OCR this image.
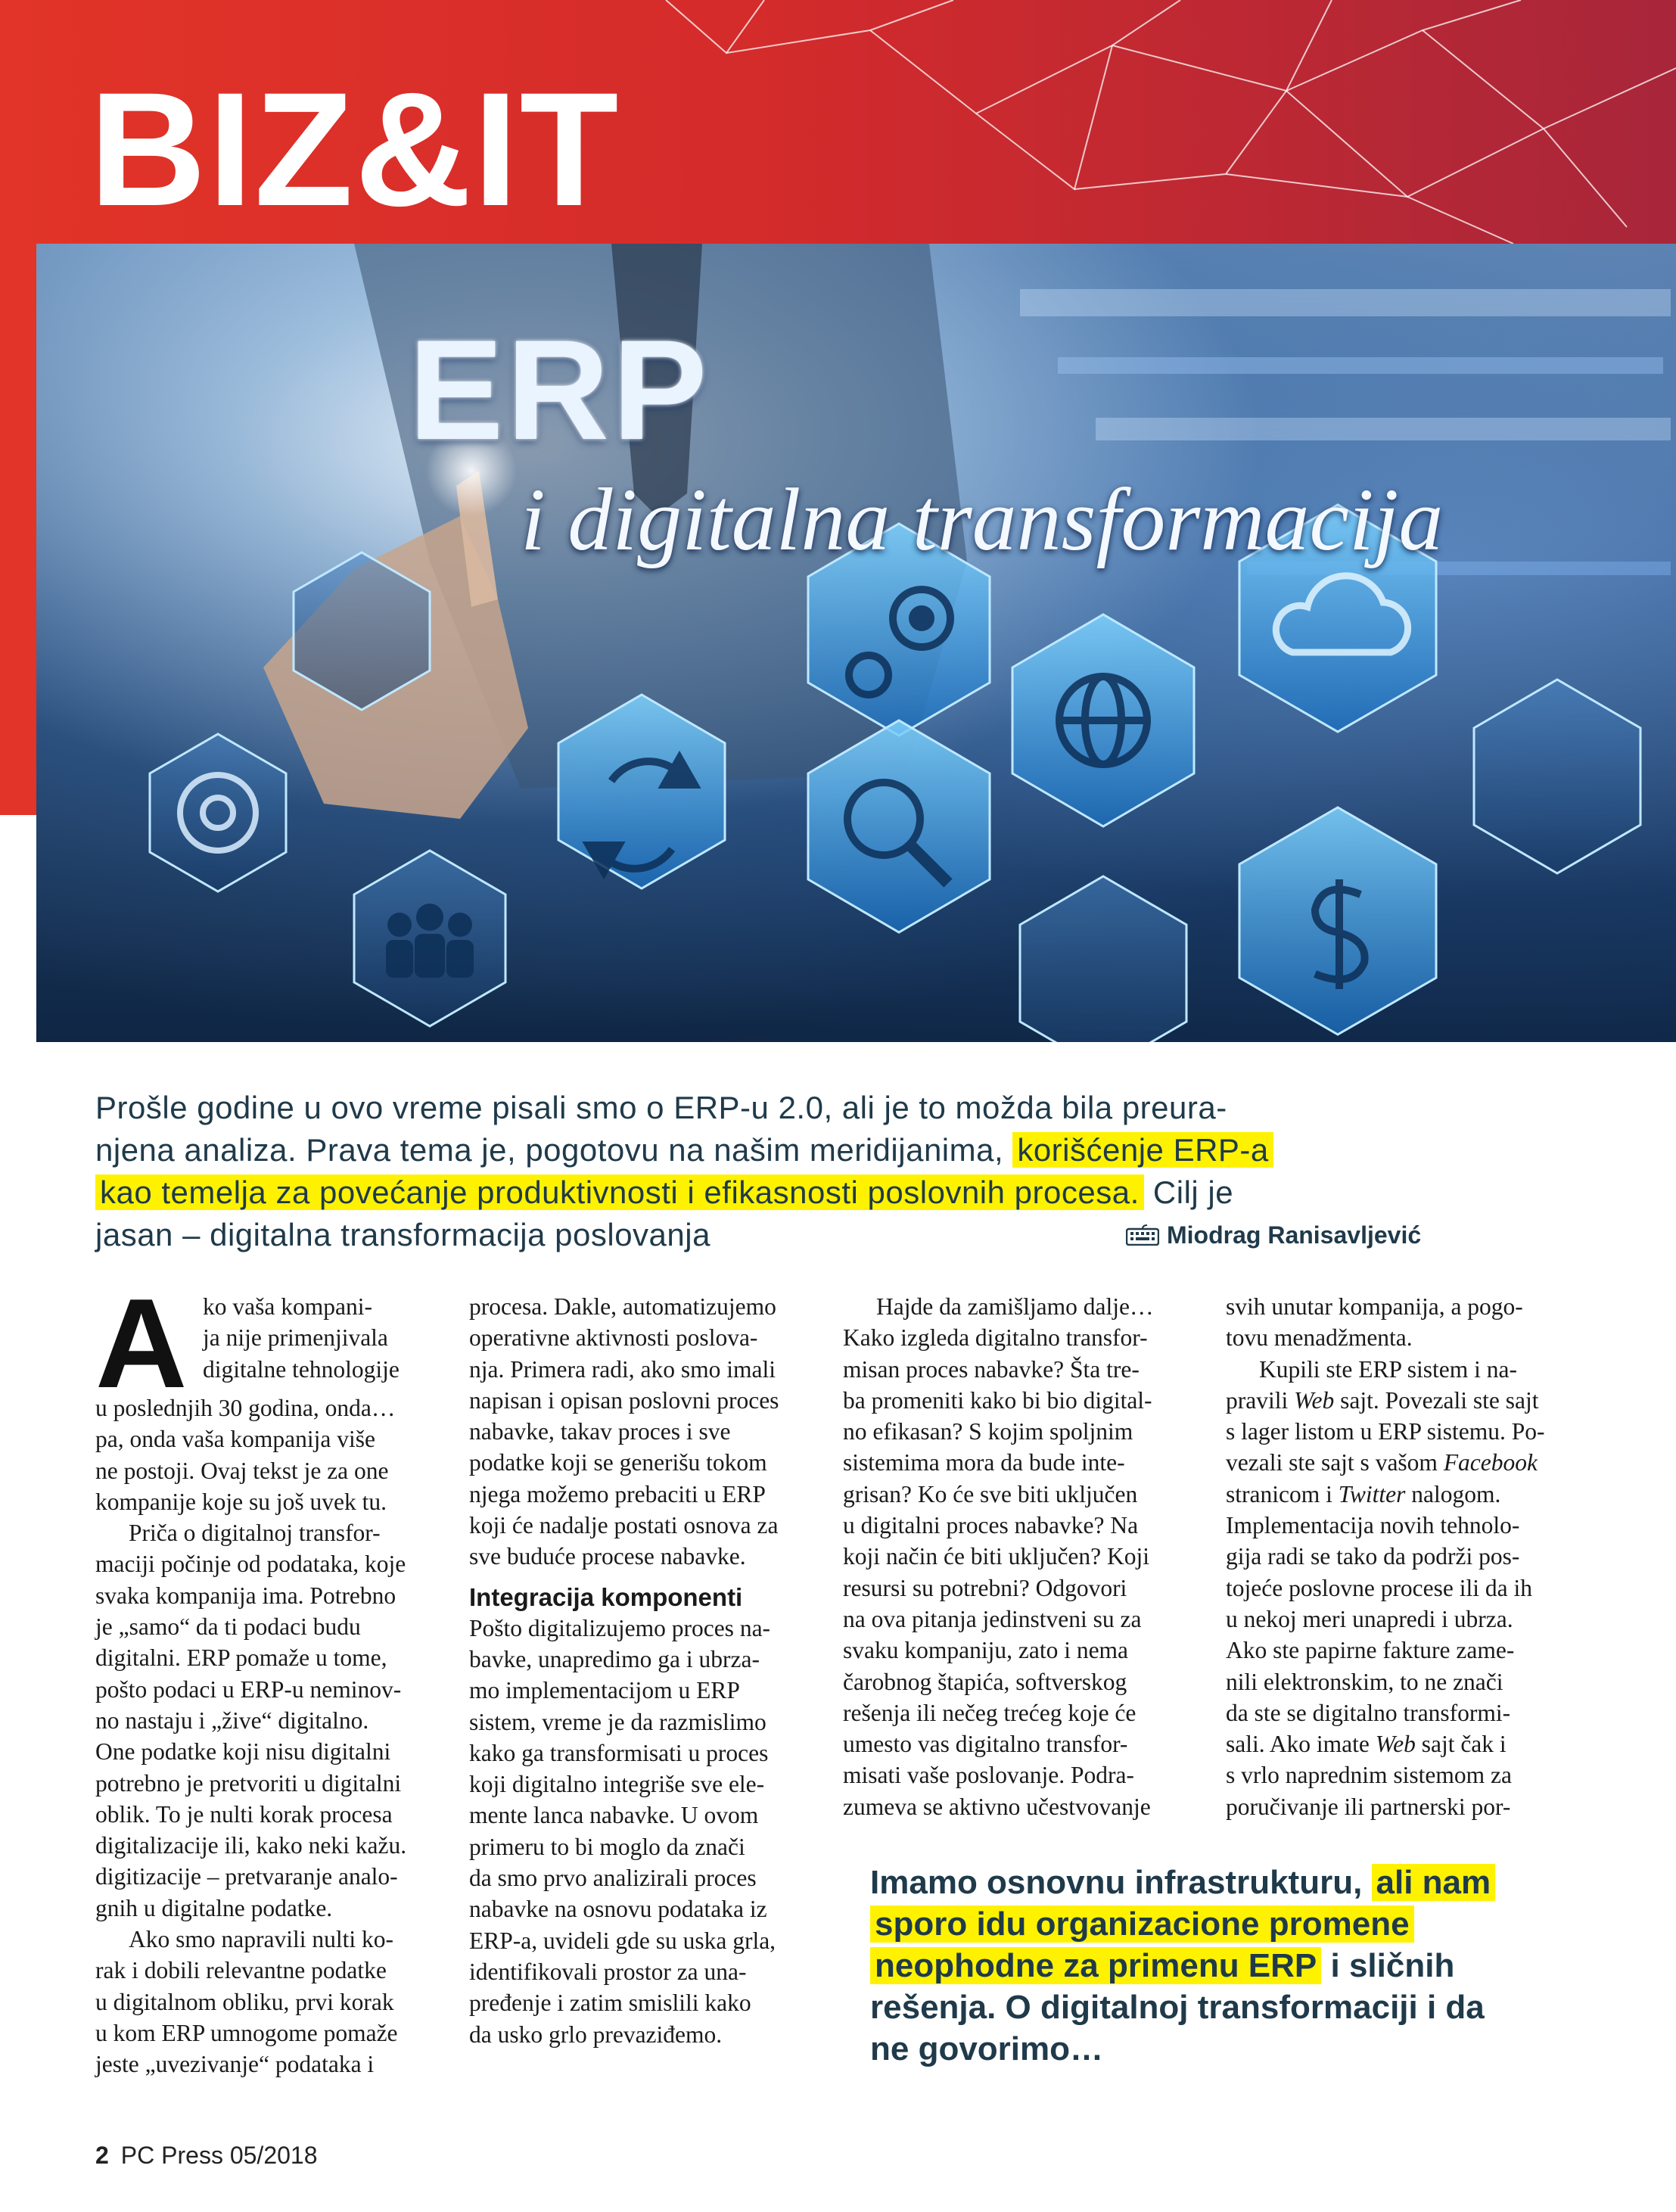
BIZ&IT
ERP
i digitalna transformacija
Prošle godine u ovo vreme pisali smo o ERP-u 2.0, ali je to možda bila preura-
njena analiza. Prava tema je, pogotovu na našim meridijanima, korišćenje ERP-a
kao temelja za povećanje produktivnosti i efikasnosti poslovnih procesa. Cilj je
jasan – digitalna transformacija poslovanja	Miodrag Ranisavljević
A ko vaša kompani-
ja nije primenjivala
digitalne tehnologije
u poslednjih 30 godina, onda…
pa, onda vaša kompanija više
ne postoji. Ovaj tekst je za one
kompanije koje su još uvek tu.
Priča o digitalnoj transfor-
maciji počinje od podataka, koje
svaka kompanija ima. Potrebno
je „samo“ da ti podaci budu
digitalni. ERP pomaže u tome,
pošto podaci u ERP-u neminov-
no nastaju i „žive“ digitalno.
One podatke koji nisu digitalni
potrebno je pretvoriti u digitalni
oblik. To je nulti korak procesa
digitalizacije ili, kako neki kažu.
digitizacije – pretvaranje analo-
gnih u digitalne podatke.
Ako smo napravili nulti ko-
rak i dobili relevantne podatke
u digitalnom obliku, prvi korak
u kom ERP umnogome pomaže
jeste „uvezivanje“ podataka i
procesa. Dakle, automatizujemo
operativne aktivnosti poslova-
nja. Primera radi, ako smo imali
napisan i opisan poslovni proces
nabavke, takav proces i sve
podatke koji se generišu tokom
njega možemo prebaciti u ERP
koji će nadalje postati osnova za
sve buduće procese nabavke.
Integracija komponenti
Pošto digitalizujemo proces na-
bavke, unapredimo ga i ubrza-
mo implementacijom u ERP
sistem, vreme je da razmislimo
kako ga transformisati u proces
koji digitalno integriše sve ele-
mente lanca nabavke. U ovom
primeru to bi moglo da znači
da smo prvo analizirali proces
nabavke na osnovu podataka iz
ERP-a, uvideli gde su uska grla,
identifikovali prostor za una-
pređenje i zatim smislili kako
da usko grlo prevaziđemo.
Hajde da zamišljamo dalje…
Kako izgleda digitalno transfor-
misan proces nabavke? Šta tre-
ba promeniti kako bi bio digital-
no efikasan? S kojim spoljnim
sistemima mora da bude inte-
grisan? Ko će sve biti uključen
u digitalni proces nabavke? Na
koji način će biti uključen? Koji
resursi su potrebni? Odgovori
na ova pitanja jedinstveni su za
svaku kompaniju, zato i nema
čarobnog štapića, softverskog
rešenja ili nečeg trećeg koje će
umesto vas digitalno transfor-
misati vaše poslovanje. Podra-
zumeva se aktivno učestvovanje
svih unutar kompanija, a pogo-
tovu menadžmenta.
Kupili ste ERP sistem i na-
pravili Web sajt. Povezali ste sajt
s lager listom u ERP sistemu. Po-
vezali ste sajt s vašom Facebook
stranicom i Twitter nalogom.
Implementacija novih tehnolo-
gija radi se tako da podrži pos-
tojeće poslovne procese ili da ih
u nekoj meri unapredi i ubrza.
Ako ste papirne fakture zame-
nili elektronskim, to ne znači
da ste se digitalno transformi-
sali. Ako imate Web sajt čak i
s vrlo naprednim sistemom za
poručivanje ili partnerski por-
Imamo osnovnu infrastrukturu, ali nam
sporo idu organizacione promene
neophodne za primenu ERP i sličnih
rešenja. O digitalnoj transformaciji i da
ne govorimo…
2 PC Press 05/2018
